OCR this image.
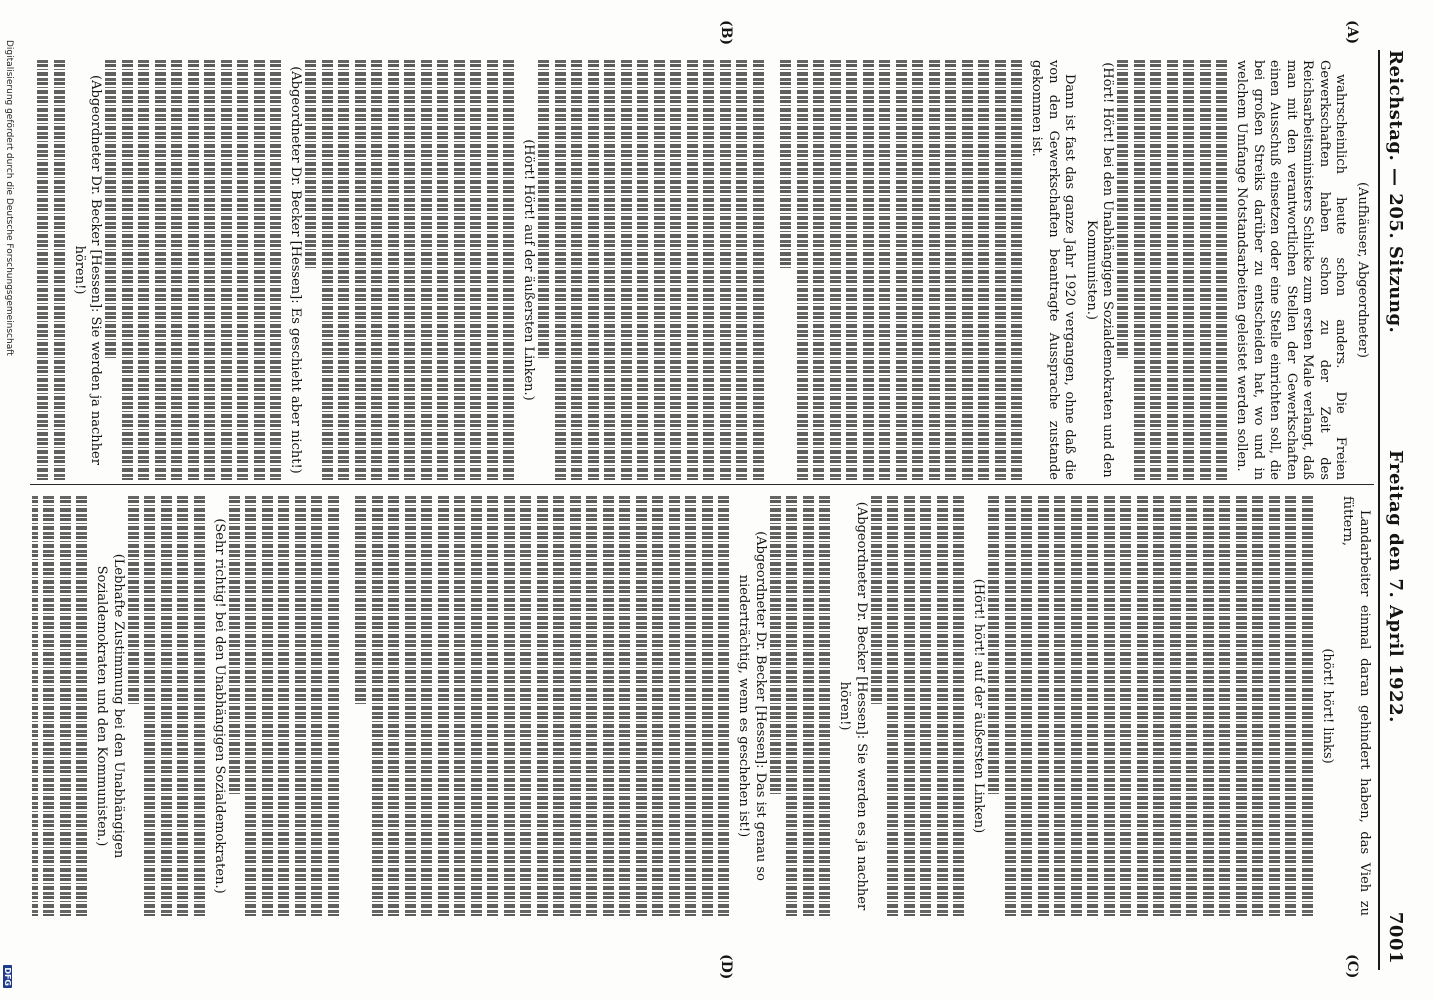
Reichstag. — 205. Sitzung.
Freitag den 7. April 1922.
7001
(A)
(B)
(C)
(D)

(Aufhäuser, Abgeordneter)

wahrscheinlich heute schon anders. Die Freien Gewerkschaften haben schon zu der Zeit des Reichsarbeitsministers Schlicke zum ersten Male verlangt, daß man mit den verantwortlichen Stellen der Gewerkschaften einen Ausschuß einsetzen oder eine Stelle einrichten soll, die bei großen Streiks darüber zu entscheiden hat, wo und in welchem Umfange Notstandsarbeiten geleistet werden sollen.

(Hört! Hört! bei den Unabhängigen Sozialdemokraten und den Kommunisten.)

Dann ist fast das ganze Jahr 1920 vergangen, ohne daß die von den Gewerkschaften beantragte Aussprache zustande gekommen ist.

(Hört! Hört! auf der äußersten Linken.)

(Abgeordneter Dr. Becker [Hessen]: Es geschieht aber nicht!)

(Abgeordneter Dr. Becker [Hessen]: Sie werden ja nachher hören!)

Landarbeiter einmal daran gehindert haben, das Vieh zu füttern,

(hört! hört! links)

(Hört! hört! auf der äußersten Linken)

(Abgeordneter Dr. Becker [Hessen]: Sie werden es ja nachher hören!)

(Abgeordneter Dr. Becker [Hessen]: Das ist genau so niederträchtig, wenn es geschehen ist!)

(Sehr richtig! bei den Unabhängigen Sozialdemokraten.)

(Lebhafte Zustimmung bei den Unabhängigen Sozialdemokraten und den Kommunisten.)

Digitalisierung gefördert durch die Deutsche Forschungsgemeinschaft
DFG
